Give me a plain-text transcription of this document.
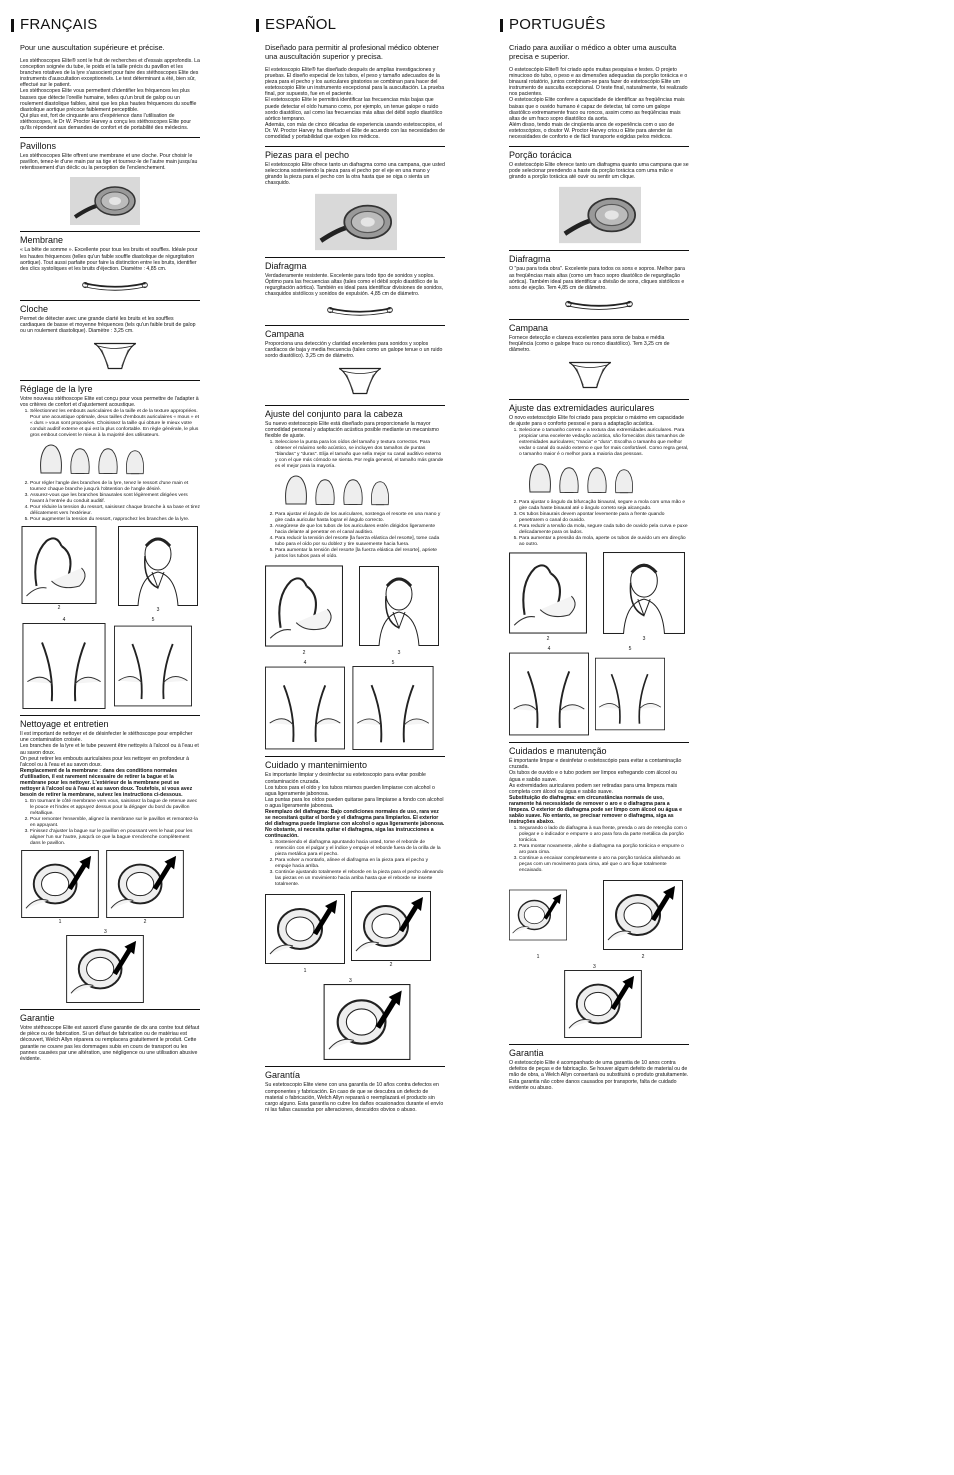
FRANÇAIS

Pour une auscultation supérieure et précise.

Les stéthoscopes Elite® sont le fruit de recherches et d'essais approfondis. La conception soignée du tube, le poids et la taille précis du pavillon et les branches rotatives de la lyre s'associent pour faire des stéthoscopes Elite des instruments d'auscultation exceptionnels. Le test déterminant a été, bien sûr, effectué sur le patient.

Les stéthoscopes Elite vous permettent d'identifier les fréquences les plus basses que détecte l'oreille humaine, telles qu'un bruit de galop ou un roulement diastolique faibles, ainsi que les plus hautes fréquences du souffle diastolique aortique précoce faiblement perceptible.

Qui plus est, fort de cinquante ans d'expérience dans l'utilisation de stéthoscopes, le Dr W. Proctor Harvey a conçu les stéthoscopes Elite pour qu'ils répondent aux demandes de confort et de portabilité des médecins.

Pavillons

Les stéthoscopes Elite offrent une membrane et une cloche. Pour choisir le pavillon, tenez-le d'une main par sa tige et tournez-le de l'autre main jusqu'au retentissement d'un déclic ou la perception de l'enclenchement.

Membrane

« La bête de somme ». Excellente pour tous les bruits et souffles. Idéale pour les hautes fréquences (telles qu'un faible souffle diastolique de régurgitation aortique). Tout aussi parfaite pour faire la distinction entre les bruits, identifier des clics systoliques et les bruits d'éjection. Diamètre : 4,85 cm.

Cloche

Permet de détecter avec une grande clarté les bruits et les souffles cardiaques de basse et moyenne fréquences (tels qu'un faible bruit de galop ou un roulement diastolique). Diamètre : 3,25 cm.

Réglage de la lyre

Votre nouveau stéthoscope Elite est conçu pour vous permettre de l'adapter à vos critères de confort et d'ajustement acoustique.

1. Sélectionnez les embouts auriculaires de la taille et de la texture appropriées. Pour une acoustique optimale, deux tailles d'embouts auriculaires « mous » et « durs » vous sont proposées. Choisissez la taille qui obture le mieux votre conduit auditif externe et qui est la plus confortable. En règle générale, le plus gros embout convient le mieux à la majorité des utilisateurs.
2. Pour régler l'angle des branches de la lyre, tenez le ressort d'une main et tournez chaque branche jusqu'à l'obtention de l'angle désiré.
3. Assurez-vous que les branches binaurales sont légèrement dirigées vers l'avant à l'entrée du conduit auditif.
4. Pour réduire la tension du ressort, saisissez chaque branche à sa base et tirez délicatement vers l'extérieur.
5. Pour augmenter la tension du ressort, rapprochez les branches de la lyre.
2	3
4	5
Nettoyage et entretien

Il est important de nettoyer et de désinfecter le stéthoscope pour empêcher une contamination croisée.

Les branches de la lyre et le tube peuvent être nettoyés à l'alcool ou à l'eau et au savon doux.

On peut retirer les embouts auriculaires pour les nettoyer en profondeur à l'alcool ou à l'eau et au savon doux.

Remplacement de la membrane : dans des conditions normales d'utilisation, il est rarement nécessaire de retirer la bague et la membrane pour les nettoyer. L'extérieur de la membrane peut se nettoyer à l'alcool ou à l'eau et au savon doux. Toutefois, si vous avez besoin de retirer la membrane, suivez les instructions ci-dessous.

1. En tournant le côté membrane vers vous, saisissez la bague de retenue avec le pouce et l'index et appuyez dessus pour la dégager du bord du pavillon métallique.
2. Pour remonter l'ensemble, alignez la membrane sur le pavillon et remontez-la en appuyant.
3. Finissez d'ajuster la bague sur le pavillon en poussant vers le haut pour les aligner l'un sur l'autre, jusqu'à ce que la bague s'enclenche complètement dans le pavillon.
1	2
3
Garantie

Votre stéthoscope Elite est assorti d'une garantie de dix ans contre tout défaut de pièce ou de fabrication. Si un défaut de fabrication ou de matériau est découvert, Welch Allyn réparera ou remplacera gratuitement le produit. Cette garantie ne couvre pas les dommages subis en cours de transport ou les pannes causées par une altération, une négligence ou une utilisation abusive évidente.

ESPAÑOL

Diseñado para permitir al profesional médico obtener una auscultación superior y precisa.

El estetoscopio Elite® fue diseñado después de amplias investigaciones y pruebas. El diseño especial de los tubos, el peso y tamaño adecuados de la pieza para el pecho y los auriculares giratorios se combinan para hacer del estetoscopio Elite un instrumento excepcional para la auscultación. La prueba final, por supuesto, fue en el paciente.

El estetoscopio Elite le permitirá identificar las frecuencias más bajas que puede detectar el oído humano como, por ejemplo, un tenue galope o ruido sordo diastólico, así como las frecuencias más altas del débil soplo diastólico aórtico temprano.

Además, con más de cinco décadas de experiencia usando estetoscopios, el Dr. W. Proctor Harvey ha diseñado el Elite de acuerdo con las necesidades de comodidad y portabilidad que exigen los médicos.

Piezas para el pecho

El estetoscopio Elite ofrece tanto un diafragma como una campana, que usted selecciona sosteniendo la pieza para el pecho por el eje en una mano y girando la pieza para el pecho con la otra hasta que se oiga o sienta un chasquido.

Diafragma

Verdaderamente resistente. Excelente para todo tipo de sonidos y soplos. Óptimo para las frecuencias altas (tales como el débil soplo diastólico de la regurgitación aórtica). También es ideal para identificar divisiones de sonidos, chasquidos sistólicos y sonidos de expulsión. 4,85 cm de diámetro.

Campana

Proporciona una detección y claridad excelentes para sonidos y soplos cardíacos de baja y media frecuencia (tales como un galope tenue o un ruido sordo diastólico). 3,25 cm de diámetro.

Ajuste del conjunto para la cabeza

Su nuevo estetoscopio Elite está diseñado para proporcionarle la mayor comodidad personal y adaptación acústica posible mediante un mecanismo flexible de ajuste.

1. Seleccione la punta para los oídos del tamaño y textura correctos. Para obtener el máximo sello acústico, se incluyen dos tamaños de puntas "blandas" y "duras". Elija el tamaño que sella mejor su canal auditivo externo y con el que más cómodo se sienta. Por regla general, el tamaño más grande es el mejor para la mayoría.
2. Para ajustar el ángulo de los auriculares, sostenga el resorte en una mano y gire cada auricular hasta lograr el ángulo correcto.
3. Asegúrese de que los tubos de los auriculares estén dirigidos ligeramente hacia delante al penetrar en el canal auditivo.
4. Para reducir la tensión del resorte [la fuerza elástica del resorte], tome cada tubo para el oído por su doblez y tire suavemente hacia fuera.
5. Para aumentar la tensión del resorte [la fuerza elástica del resorte], apriete juntos los tubos para el oído.
2	3
4	5
Cuidado y mantenimiento

Es importante limpiar y desinfectar su estetoscopio para evitar posible contaminación cruzada.

Los tubos para el oído y los tubos mismos pueden limpiarse con alcohol o agua ligeramente jabonosa.

Las puntas para los oídos pueden quitarse para limpiarse a fondo con alcohol o agua ligeramente jabonosa.

Reemplazo del diafragma: Bajo condiciones normales de uso, rara vez se necesitará quitar el borde y el diafragma para limpiarlos. El exterior del diafragma puede limpiarse con alcohol o agua ligeramente jabonosa. No obstante, si necesita quitar el diafragma, siga las instrucciones a continuación.

1. Sosteniendo el diafragma apuntando hacia usted, tome el reborde de retención con el pulgar y el índice y empuje el reborde fuera de la orilla de la pieza metálica para el pecho.
2. Para volver a montarlo, alinee el diafragma en la pieza para el pecho y empuje hacia arriba.
3. Continúe ajustando totalmente el reborde en la pieza para el pecho alineando las piezas en un movimiento hacia arriba hasta que el reborde se inserte totalmente.
1
2
3
Garantía

Su estetoscopio Elite viene con una garantía de 10 años contra defectos en componentes y fabricación. En caso de que se descubra un defecto de material o fabricación, Welch Allyn reparará o reemplazará el producto sin cargo alguno. Esta garantía no cubre los daños ocasionados durante el envío ni las fallas causadas por alteraciones, descuidos obvios o abuso.

PORTUGUÊS

Criado para auxiliar o médico a obter uma ausculta precisa e superior.

O estetoscópio Elite® foi criado após muitas pesquisa e testes. O projeto minucioso do tubo, o peso e as dimensões adequadas da porção torácica e o binaural rotatório, juntos combinam-se para fazer do estetoscópio Elite um instrumento de ausculta excepcional. O teste final, naturalmente, foi realizado nos pacientes.

O estetoscópio Elite confere a capacidade de identificar as freqüências mais baixas que o ouvido humano é capaz de detectar, tal como um galope diastólico extremamente fraco ou roncos, assim como as freqüências mais altas de um fraco sopro diastólico da aorta.

Além disso, tendo mais de cinqüenta anos de experiência com o uso de estetoscópios, o doutor W. Proctor Harvey criou o Elite para atender às necessidades de conforto e de fácil transporte exigidas pelos médicos.

Porção torácica

O estetoscópio Elite oferece tanto um diafragma quanto uma campana que se pode selecionar prendendo a haste da porção torácica com uma mão e girando a porção torácica até ouvir ou sentir um clique.

Diafragma

O "pau para toda obra". Excelente para todos os sons e sopros. Melhor para as freqüências mais altas (como um fraco sopro diastólico de regurgitação aórtica). Também ideal para identificar a divisão de sons, cliques sistólicos e sons de ejeção. Tem 4,85 cm de diâmetro.

Campana

Fornece detecção e clareza excelentes para sons de baixa e média freqüência (como o galope fraco ou ronco diastólico). Tem 3,25 cm de diâmetro.

Ajuste das extremidades auriculares

O novo estetoscópio Elite foi criado para propiciar o máximo em capacidade de ajuste para o conforto pessoal e para a adaptação acústica.

1. Selecione o tamanho correto e a textura das extremidades auriculares. Para propiciar uma excelente vedação acústica, são fornecidos dois tamanhos de extremidades auriculares; "macia" e "dura". Escolha o tamanho que melhor vedar o canal do ouvido externo e que for mais confortável. Como regra geral, o tamanho maior é o melhor para a maioria das pessoas.
2. Para ajustar o ângulo da bifurcação binaural, segure a mola com uma mão e gire cada haste binaural até o ângulo correto seja alcançado.
3. Os tubos binaurais devem apontar levemente para a frente quando penetrarem o canal do ouvido.
4. Para reduzir a tensão da mola, segure cada tubo de ouvido pela curva e puxe delicadamente para os lados.
5. Para aumentar a pressão da mola, aperte os tubos de ouvido um em direção ao outro.
2	3
4	5
Cuidados e manutenção

É importante limpar e desinfetar o estetoscópio para evitar a contaminação cruzada.

Os tubos de ouvido e o tubo podem ser limpos esfregando com álcool ou água e sabão suave.

As extremidades auriculares podem ser retiradas para uma limpeza mais completa com álcool ou água e sabão suave.

Substituição do diafragma: em circunstâncias normais de uso, raramente há necessidade de remover o aro e o diafragma para a limpeza. O exterior do diafragma pode ser limpo com álcool ou água e sabão suave. No entanto, se precisar remover o diafragma, siga as instruções abaixo.

1. Segurando o lado do diafragma à sua frente, prenda o aro de retenção com o polegar e o indicador e empurre o aro para fora da parte metálica da porção torácica.
2. Para montar novamente, alinhe o diafragma na porção torácica e empurre o aro para cima.
3. Continue a encaixar completamente o aro na porção torácica alinhando as peças com um movimento para cima, até que o aro fique totalmente encaixado.
1	2
3
Garantia

O estetoscópio Elite é acompanhado de uma garantia de 10 anos contra defeitos de peças e de fabricação. Se houver algum defeito de material ou de mão de obra, a Welch Allyn consertará ou substituirá o produto gratuitamente. Esta garantia não cobre danos causados por transporte, falta de cuidado evidente ou abuso.
